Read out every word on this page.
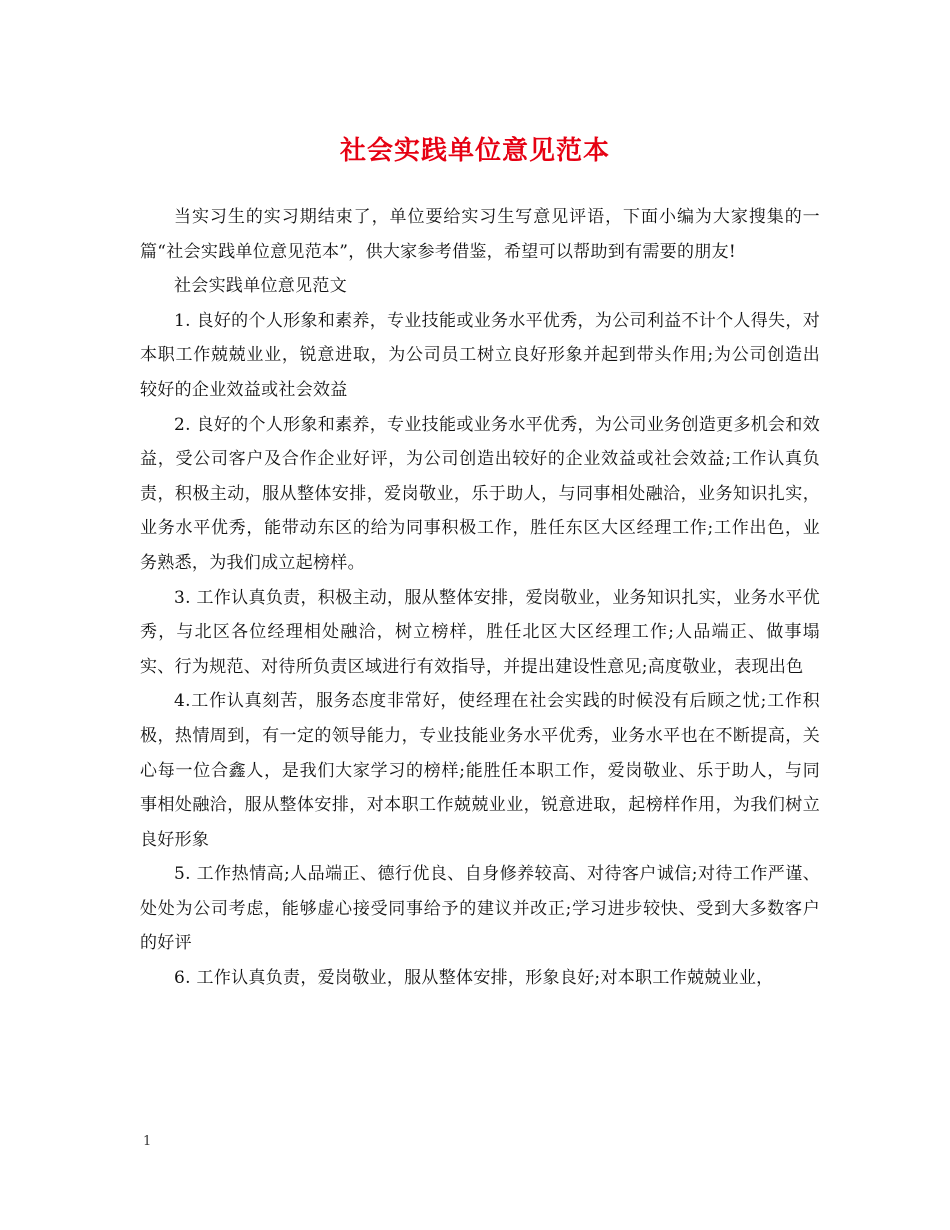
社会实践单位意见范本

当实习生的实习期结束了，单位要给实习生写意见评语，下面小编为大家搜集的一篇“社会实践单位意见范本”，供大家参考借鉴，希望可以帮助到有需要的朋友!

社会实践单位意见范文

1. 良好的个人形象和素养，专业技能或业务水平优秀，为公司利益不计个人得失，对本职工作兢兢业业，锐意进取，为公司员工树立良好形象并起到带头作用;为公司创造出较好的企业效益或社会效益

2. 良好的个人形象和素养，专业技能或业务水平优秀，为公司业务创造更多机会和效益，受公司客户及合作企业好评，为公司创造出较好的企业效益或社会效益;工作认真负责，积极主动，服从整体安排，爱岗敬业，乐于助人，与同事相处融洽，业务知识扎实，业务水平优秀，能带动东区的给为同事积极工作，胜任东区大区经理工作;工作出色，业务熟悉，为我们成立起榜样。

3. 工作认真负责，积极主动，服从整体安排，爱岗敬业，业务知识扎实，业务水平优秀，与北区各位经理相处融洽，树立榜样，胜任北区大区经理工作;人品端正、做事塌实、行为规范、对待所负责区域进行有效指导，并提出建设性意见;高度敬业，表现出色

4.工作认真刻苦，服务态度非常好，使经理在社会实践的时候没有后顾之忧;工作积极，热情周到，有一定的领导能力，专业技能业务水平优秀，业务水平也在不断提高，关心每一位合鑫人，是我们大家学习的榜样;能胜任本职工作，爱岗敬业、乐于助人，与同事相处融洽，服从整体安排，对本职工作兢兢业业，锐意进取，起榜样作用，为我们树立良好形象

5. 工作热情高;人品端正、德行优良、自身修养较高、对待客户诚信;对待工作严谨、处处为公司考虑，能够虚心接受同事给予的建议并改正;学习进步较快、受到大多数客户的好评

6. 工作认真负责，爱岗敬业，服从整体安排，形象良好;对本职工作兢兢业业，

1
